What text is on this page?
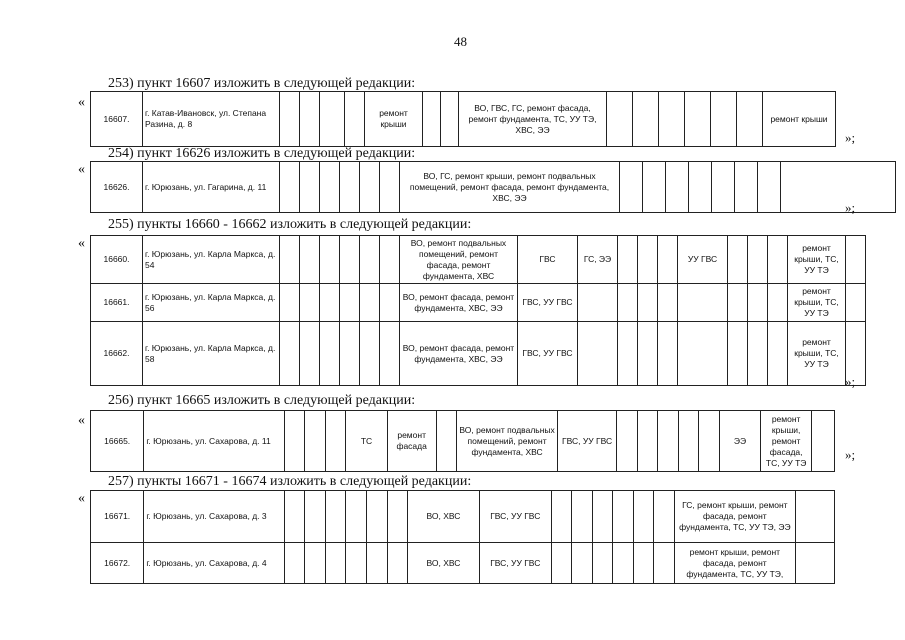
48
253) пункт 16607 изложить в следующей редакции:
«
16607.	г. Катав-Ивановск, ул. Степана Разина, д. 8					ремонт крыши			ВО, ГВС, ГС, ремонт фасада, ремонт фундамента, ТС, УУ ТЭ, ХВС, ЭЭ							ремонт крыши
»;
254) пункт 16626 изложить в следующей редакции:
«
16626.	г. Юрюзань, ул. Гагарина, д. 11							ВО, ГС, ремонт крыши, ремонт подвальных помещений, ремонт фасада, ремонт фундамента, ХВС, ЭЭ								
»;
255) пункты 16660 - 16662 изложить в следующей редакции:
«
16660.	г. Юрюзань, ул. Карла Маркса, д. 54							ВО, ремонт подвальных помещений, ремонт фасада, ремонт фундамента, ХВС	ГВС	ГС, ЭЭ				УУ ГВС				ремонт крыши, ТС, УУ ТЭ	
16661.	г. Юрюзань, ул. Карла Маркса, д. 56							ВО, ремонт фасада, ремонт фундамента, ХВС, ЭЭ	ГВС, УУ ГВС									ремонт крыши, ТС, УУ ТЭ	
16662.	г. Юрюзань, ул. Карла Маркса, д. 58							ВО, ремонт фасада, ремонт фундамента, ХВС, ЭЭ	ГВС, УУ ГВС									ремонт крыши, ТС, УУ ТЭ	
»;
256) пункт 16665 изложить в следующей редакции:
«
16665.	г. Юрюзань, ул. Сахарова, д. 11				ТС	ремонт фасада		ВО, ремонт подвальных помещений, ремонт фундамента, ХВС	ГВС, УУ ГВС						ЭЭ	ремонт крыши, ремонт фасада, ТС, УУ ТЭ	
»;
257) пункты 16671 - 16674 изложить в следующей редакции:
«
16671.	г. Юрюзань, ул. Сахарова, д. 3							ВО, ХВС	ГВС, УУ ГВС							ГС, ремонт крыши, ремонт фасада, ремонт фундамента, ТС, УУ ТЭ, ЭЭ	
16672.	г. Юрюзань, ул. Сахарова, д. 4							ВО, ХВС	ГВС, УУ ГВС							ремонт крыши, ремонт фасада, ремонт фундамента, ТС, УУ ТЭ,	
